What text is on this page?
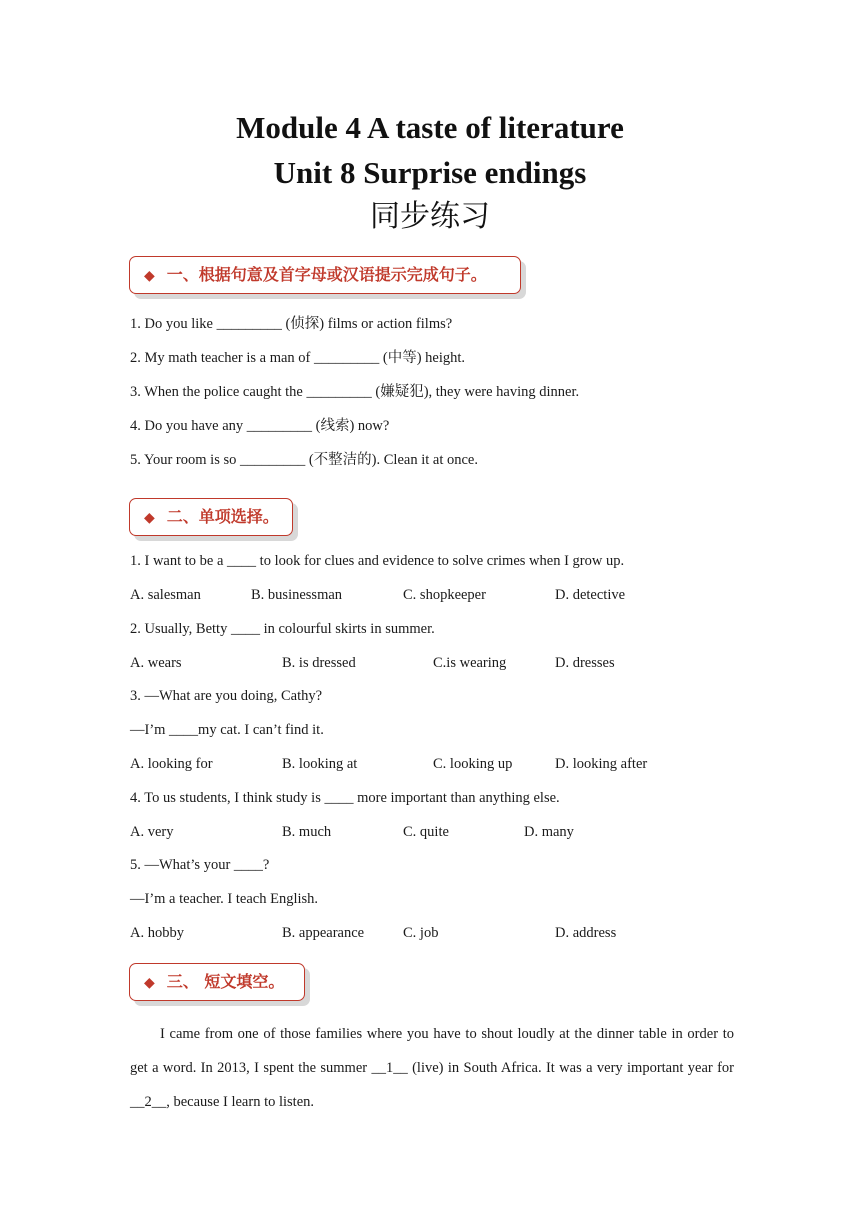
Module 4 A taste of literature
Unit 8 Surprise endings
同步练习
◆ 一、根据句意及首字母或汉语提示完成句子。
1. Do you like _________ (侦探) films or action films?
2. My math teacher is a man of _________ (中等) height.
3. When the police caught the _________ (嫌疑犯), they were having dinner.
4. Do you have any _________ (线索) now?
5. Your room is so _________ (不整洁的). Clean it at once.
◆ 二、单项选择。
1. I want to be a ____ to look for clues and evidence to solve crimes when I grow up.
A. salesman	B. businessman	C. shopkeeper	D. detective
2. Usually, Betty ____ in colourful skirts in summer.
A. wears	B. is dressed	C.is wearing	D. dresses
3. —What are you doing, Cathy?
—I’m ____my cat. I can’t find it.
A. looking for	B. looking at	C. looking up	D. looking after
4. To us students, I think study is ____ more important than anything else.
A. very	B. much	C. quite	D. many
5. —What’s your ____?
—I’m a teacher. I teach English.
A. hobby	B. appearance	C. job	D. address
◆ 三、 短文填空。
I came from one of those families where you have to shout loudly at the dinner table in order to get a word. In 2013, I spent the summer __1__ (live) in South Africa. It was a very important year for __2__, because I learn to listen.
